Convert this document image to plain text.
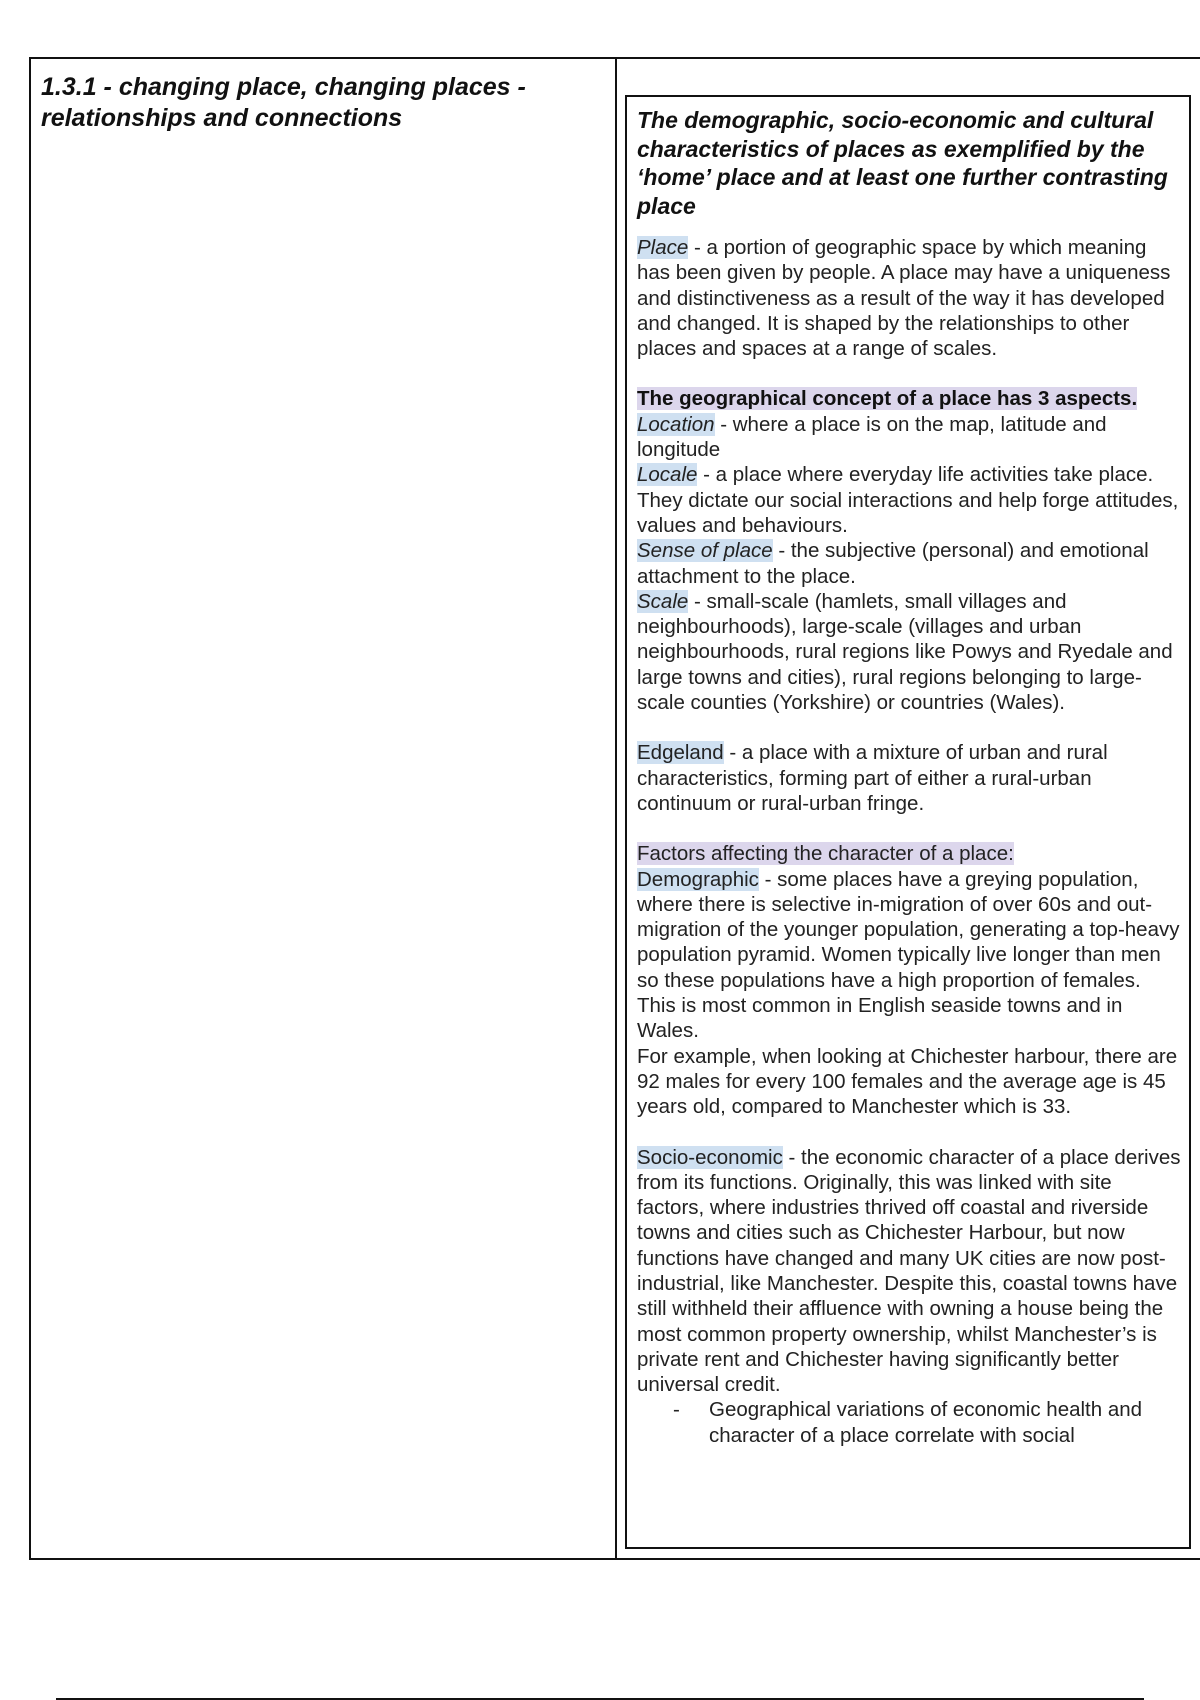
1.3.1 - changing place, changing places - relationships and connections	The demographic, socio-economic and cultural characteristics of places as exemplified by the ‘home’ place and at least one further contrasting place

Place - a portion of geographic space by which meaning has been given by people. A place may have a uniqueness and distinctiveness as a result of the way it has developed and changed. It is shaped by the relationships to other places and spaces at a range of scales.

The geographical concept of a place has 3 aspects.

Location - where a place is on the map, latitude and longitude

Locale - a place where everyday life activities take place. They dictate our social interactions and help forge attitudes, values and behaviours.

Sense of place - the subjective (personal) and emotional attachment to the place.

Scale - small-scale (hamlets, small villages and neighbourhoods), large-scale (villages and urban neighbourhoods, rural regions like Powys and Ryedale and large towns and cities), rural regions belonging to large-scale counties (Yorkshire) or countries (Wales).

Edgeland - a place with a mixture of urban and rural characteristics, forming part of either a rural-urban continuum or rural-urban fringe.

Factors affecting the character of a place:

Demographic - some places have a greying population, where there is selective in-migration of over 60s and out-migration of the younger population, generating a top-heavy population pyramid. Women typically live longer than men so these populations have a high proportion of females. This is most common in English seaside towns and in Wales.

For example, when looking at Chichester harbour, there are 92 males for every 100 females and the average age is 45 years old, compared to Manchester which is 33.

Socio-economic - the economic character of a place derives from its functions. Originally, this was linked with site factors, where industries thrived off coastal and riverside towns and cities such as Chichester Harbour, but now functions have changed and many UK cities are now post-industrial, like Manchester. Despite this, coastal towns have still withheld their affluence with owning a house being the most common property ownership, whilst Manchester’s is private rent and Chichester having significantly better universal credit.

-	Geographical variations of economic health and character of a place correlate with social
